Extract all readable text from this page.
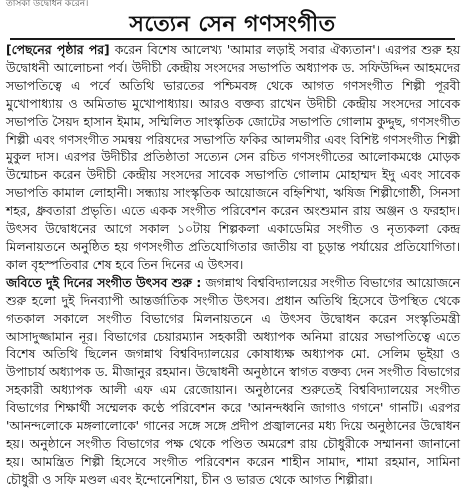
তাসকা উদ্বোধন করেন।
সত্যেন সেন গণসংগীত

[পেছনের পৃষ্ঠার পর] করেন বিশেষ আলেখ্য 'আমার লড়াই সবার ঐক্যতান'। এরপর শুরু হয় উদ্বোধনী আলোচনা পর্ব। উদীচী কেন্দ্রীয় সংসদের সভাপতি অধ্যাপক ড. সফিউদ্দিন আহমদের সভাপতিত্বে এ পর্বে অতিথি ভারতের পশ্চিমবঙ্গ থেকে আগত গণসংগীত শিল্পী পূরবী মুখোপাধ্যায় ও অমিতাভ মুখোপাধ্যায়। আরও বক্তব্য রাখেন উদীচী কেন্দ্রীয় সংসদের সাবেক সভাপতি সৈয়দ হাসান ইমাম, সম্মিলিত সাংস্কৃতিক জোটের সভাপতি গোলাম কুদ্দুছ, গণসংগীত শিল্পী এবং গণসংগীত সমন্বয় পরিষদের সভাপতি ফকির আলমগীর এবং বিশিষ্ট গণসংগীত শিল্পী মুকুল দাস। এরপর উদীচীর প্রতিষ্ঠাতা সত্যেন সেন রচিত গণসংগীতের আলোকমঞ্চে মোড়ক উন্মোচন করেন উদীচী কেন্দ্রীয় সংসদের সাবেক সভাপতি গোলাম মোহাম্মদ ইদু এবং সাবেক সভাপতি কামাল লোহানী। সন্ধ্যায় সাংস্কৃতিক আয়োজনে বহ্নিশিখা, ঋষিজ শিল্পীগোষ্ঠী, সিনসা শহর, ধ্রুবতারা প্রভৃতি। এতে একক সংগীত পরিবেশন করেন অংশুমান রায় অঞ্জন ও ফরহাদ। উৎসব উদ্বোধনের আগে সকাল ১০টায় শিল্পকলা একাডেমির সংগীত ও নৃত্যকলা কেন্দ্র মিলনায়তনে অনুষ্ঠিত হয় গণসংগীত প্রতিযোগিতার জাতীয় বা চূড়ান্ত পর্যায়ের প্রতিযোগিতা। কাল বৃহস্পতিবার শেষ হবে তিন দিনের এ উৎসব।

জবিতে দুই দিনের সংগীত উৎসব শুরু : জগন্নাথ বিশ্ববিদ্যালয়ের সংগীত বিভাগের আয়োজনে শুরু হলো দুই দিনব্যাপী আন্তর্জাতিক সংগীত উৎসব। প্রধান অতিথি হিসেবে উপস্থিত থেকে গতকাল সকালে সংগীত বিভাগের মিলনায়তনে এ উৎসব উদ্বোধন করেন সংস্কৃতিমন্ত্রী আসাদুজ্জামান নূর। বিভাগের চেয়ারম্যান সহকারী অধ্যাপক অনিমা রায়ের সভাপতিত্বে এতে বিশেষ অতিথি ছিলেন জগন্নাথ বিশ্ববিদ্যালয়ের কোষাধ্যক্ষ অধ্যাপক মো. সেলিম ভূইয়া ও উপাচার্য অধ্যাপক ড. মীজানুর রহমান। উদ্বোধনী অনুষ্ঠানে স্বাগত বক্তব্য দেন সংগীত বিভাগের সহকারী অধ্যাপক আলী এফ এম রেজোয়ান। অনুষ্ঠানের শুরুতেই বিশ্ববিদ্যালয়ের সংগীত বিভাগের শিক্ষার্থী সম্মেলক কণ্ঠে পরিবেশন করে 'আনন্দধ্বনি জাগাও গগনে' গানটি। এরপর 'আনন্দলোকে মঙ্গলালোকে' গানের সঙ্গে সঙ্গে প্রদীপ প্রজ্বালনের মধ্য দিয়ে অনুষ্ঠানের উদ্বোধন হয়। অনুষ্ঠানে সংগীত বিভাগের পক্ষ থেকে পণ্ডিত অমরেশ রায় চৌধুরীকে সম্মাননা জানানো হয়। আমন্ত্রিত শিল্পী হিসেবে সংগীত পরিবেশন করেন শাহীন সামাদ, শামা রহমান, সামিনা চৌধুরী ও সফি মণ্ডল এবং ইন্দোনেশিয়া, চীন ও ভারত থেকে আগত শিল্পীরা।
